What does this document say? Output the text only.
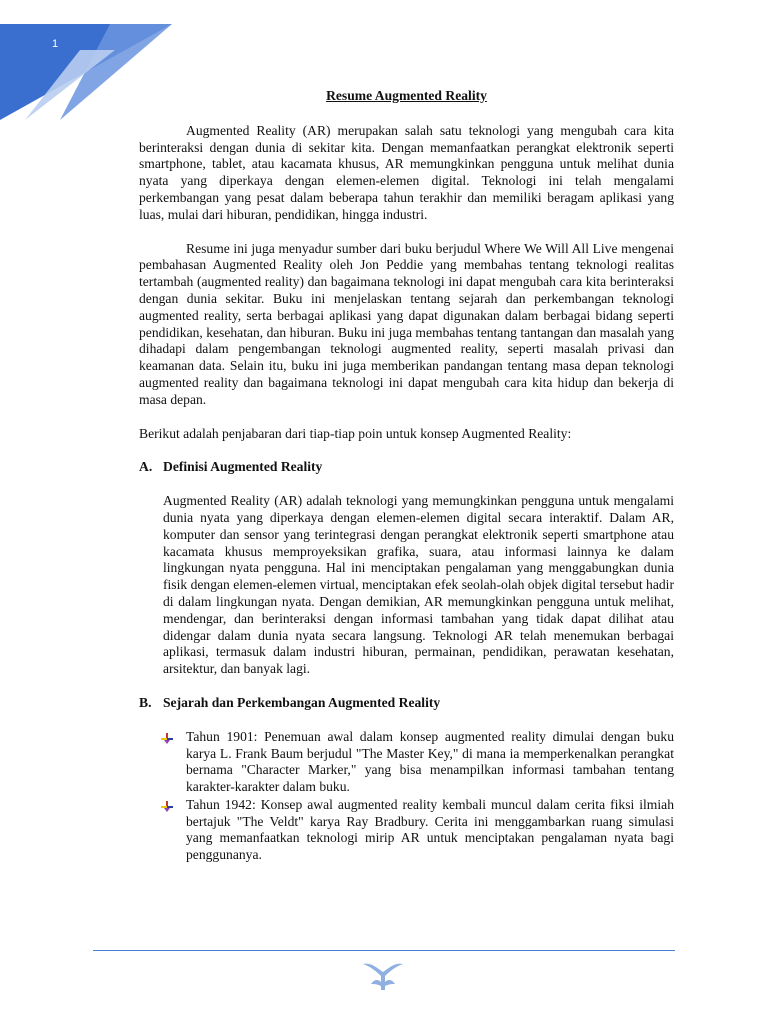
1
Resume Augmented Reality

Augmented Reality (AR) merupakan salah satu teknologi yang mengubah cara kita berinteraksi dengan dunia di sekitar kita. Dengan memanfaatkan perangkat elektronik seperti smartphone, tablet, atau kacamata khusus, AR memungkinkan pengguna untuk melihat dunia nyata yang diperkaya dengan elemen-elemen digital. Teknologi ini telah mengalami perkembangan yang pesat dalam beberapa tahun terakhir dan memiliki beragam aplikasi yang luas, mulai dari hiburan, pendidikan, hingga industri.

Resume ini juga menyadur sumber dari buku berjudul Where We Will All Live mengenai pembahasan Augmented Reality oleh Jon Peddie yang membahas tentang teknologi realitas tertambah (augmented reality) dan bagaimana teknologi ini dapat mengubah cara kita berinteraksi dengan dunia sekitar. Buku ini menjelaskan tentang sejarah dan perkembangan teknologi augmented reality, serta berbagai aplikasi yang dapat digunakan dalam berbagai bidang seperti pendidikan, kesehatan, dan hiburan. Buku ini juga membahas tentang tantangan dan masalah yang dihadapi dalam pengembangan teknologi augmented reality, seperti masalah privasi dan keamanan data. Selain itu, buku ini juga memberikan pandangan tentang masa depan teknologi augmented reality dan bagaimana teknologi ini dapat mengubah cara kita hidup dan bekerja di masa depan.

Berikut adalah penjabaran dari tiap-tiap poin untuk konsep Augmented Reality:

A. Definisi Augmented Reality

Augmented Reality (AR) adalah teknologi yang memungkinkan pengguna untuk mengalami dunia nyata yang diperkaya dengan elemen-elemen digital secara interaktif. Dalam AR, komputer dan sensor yang terintegrasi dengan perangkat elektronik seperti smartphone atau kacamata khusus memproyeksikan grafika, suara, atau informasi lainnya ke dalam lingkungan nyata pengguna. Hal ini menciptakan pengalaman yang menggabungkan dunia fisik dengan elemen-elemen virtual, menciptakan efek seolah-olah objek digital tersebut hadir di dalam lingkungan nyata. Dengan demikian, AR memungkinkan pengguna untuk melihat, mendengar, dan berinteraksi dengan informasi tambahan yang tidak dapat dilihat atau didengar dalam dunia nyata secara langsung. Teknologi AR telah menemukan berbagai aplikasi, termasuk dalam industri hiburan, permainan, pendidikan, perawatan kesehatan, arsitektur, dan banyak lagi.

B. Sejarah dan Perkembangan Augmented Reality
Tahun 1901: Penemuan awal dalam konsep augmented reality dimulai dengan buku karya L. Frank Baum berjudul "The Master Key," di mana ia memperkenalkan perangkat bernama "Character Marker," yang bisa menampilkan informasi tambahan tentang karakter-karakter dalam buku.
Tahun 1942: Konsep awal augmented reality kembali muncul dalam cerita fiksi ilmiah bertajuk "The Veldt" karya Ray Bradbury. Cerita ini menggambarkan ruang simulasi yang memanfaatkan teknologi mirip AR untuk menciptakan pengalaman nyata bagi penggunanya.
